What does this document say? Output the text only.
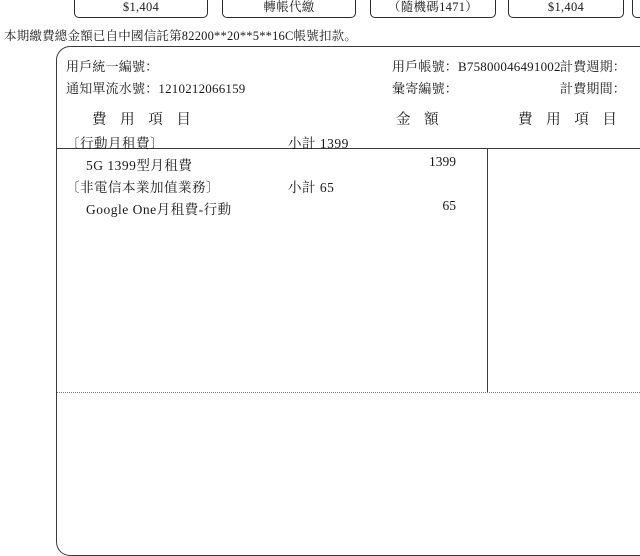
$1,404	轉帳代繳	（隨機碼1471）	$1,404
本期繳費總金額已自中國信託第82200**20**5**16C帳號扣款。
用戶統一編號：
通知單流水號：1210212066159
用戶帳號：B75800046491002
彙寄編號：
計費週期：
計費期間：
費 用 項 目	金 額	費 用 項 目
〔行動月租費〕	小計 1399
5G 1399型月租費	1399
〔非電信本業加值業務〕	小計 65
Google One月租費-行動	65
